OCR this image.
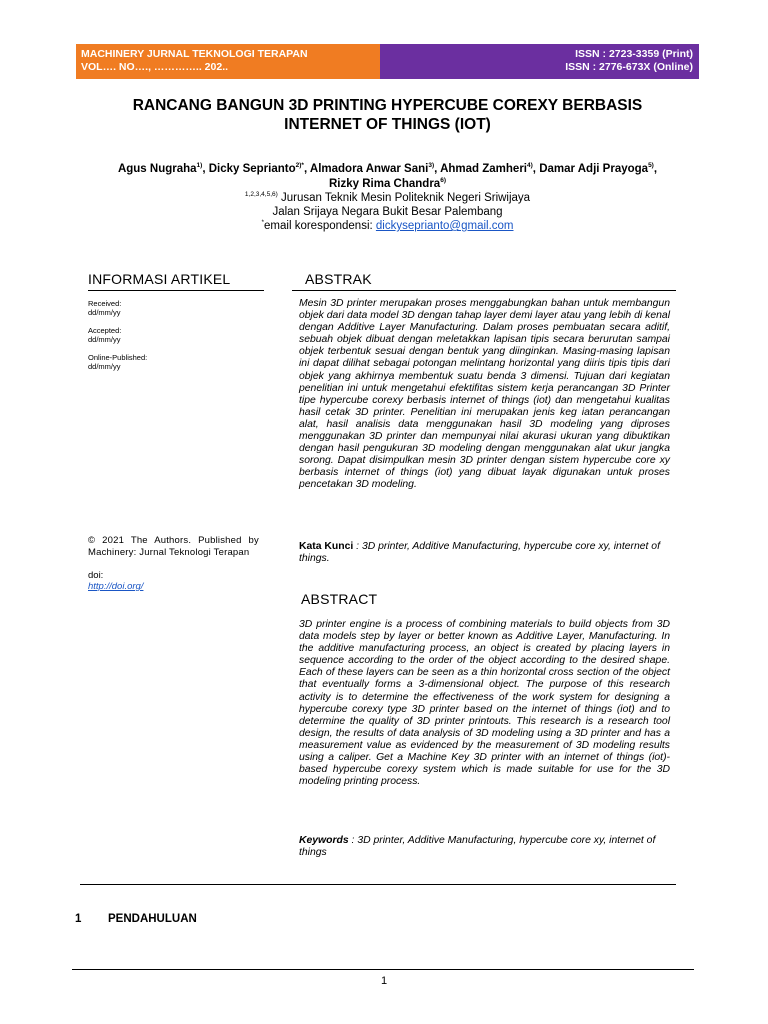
MACHINERY JURNAL TEKNOLOGI TERAPAN
VOL…. NO…., ………….. 202..
ISSN : 2723-3359 (Print)
ISSN : 2776-673X (Online)
RANCANG BANGUN 3D PRINTING HYPERCUBE COREXY BERBASIS
INTERNET OF THINGS (IOT)
Agus Nugraha$^{1)}$, Dicky Seprianto$^{2)*}$, Almadora Anwar Sani$^{3)}$, Ahmad Zamheri$^{4)}$, Damar Adji Prayoga$^{5)}$,
Rizky Rima Chandra$^{6)}$
$^{1,2,3,4,5,6)}$ Jurusan Teknik Mesin Politeknik Negeri Sriwijaya
Jalan Srijaya Negara Bukit Besar Palembang
*email korespondensi: dickyseprianto@gmail.com
INFORMASI ARTIKEL	ABSTRAK
Received:
dd/mm/yy
Accepted:
dd/mm/yy
Online-Published:
dd/mm/yy
© 2021 The Authors. Published by Machinery: Jurnal Teknologi Terapan
doi:
http://doi.org/
Mesin 3D printer merupakan proses menggabungkan bahan untuk membangun objek dari data model 3D dengan tahap layer demi layer atau yang lebih di kenal dengan Additive Layer Manufacturing. Dalam proses pembuatan secara aditif, sebuah objek dibuat dengan meletakkan lapisan tipis secara berurutan sampai objek terbentuk sesuai dengan bentuk yang diinginkan. Masing-masing lapisan ini dapat dilihat sebagai potongan melintang horizontal yang diiris tipis tipis dari objek yang akhirnya membentuk suatu benda 3 dimensi. Tujuan dari kegiatan penelitian ini untuk mengetahui efektifitas sistem kerja perancangan 3D Printer tipe hypercube corexy berbasis internet of things (iot) dan mengetahui kualitas hasil cetak 3D printer. Penelitian ini merupakan jenis keg iatan perancangan alat, hasil analisis data menggunakan hasil 3D modeling yang diproses menggunakan 3D printer dan mempunyai nilai akurasi ukuran yang dibuktikan dengan hasil pengukuran 3D modeling dengan menggunakan alat ukur jangka sorong. Dapat disimpulkan mesin 3D printer dengan sistem hypercube core xy berbasis internet of things (iot) yang dibuat layak digunakan untuk proses pencetakan 3D modeling.
Kata Kunci : 3D printer, Additive Manufacturing, hypercube core xy, internet of things.
ABSTRACT
3D printer engine is a process of combining materials to build objects from 3D data models step by layer or better known as Additive Layer, Manufacturing. In the additive manufacturing process, an object is created by placing layers in sequence according to the order of the object according to the desired shape. Each of these layers can be seen as a thin horizontal cross section of the object that eventually forms a 3-dimensional object. The purpose of this research activity is to determine the effectiveness of the work system for designing a hypercube corexy type 3D printer based on the internet of things (iot) and to determine the quality of 3D printer printouts. This research is a research tool design, the results of data analysis of 3D modeling using a 3D printer and has a measurement value as evidenced by the measurement of 3D modeling results using a caliper. Get a Machine Key 3D printer with an internet of things (iot)-based hypercube corexy system which is made suitable for use for the 3D modeling printing process.
Keywords : 3D printer, Additive Manufacturing, hypercube core xy, internet of things
1 PENDAHULUAN
1
